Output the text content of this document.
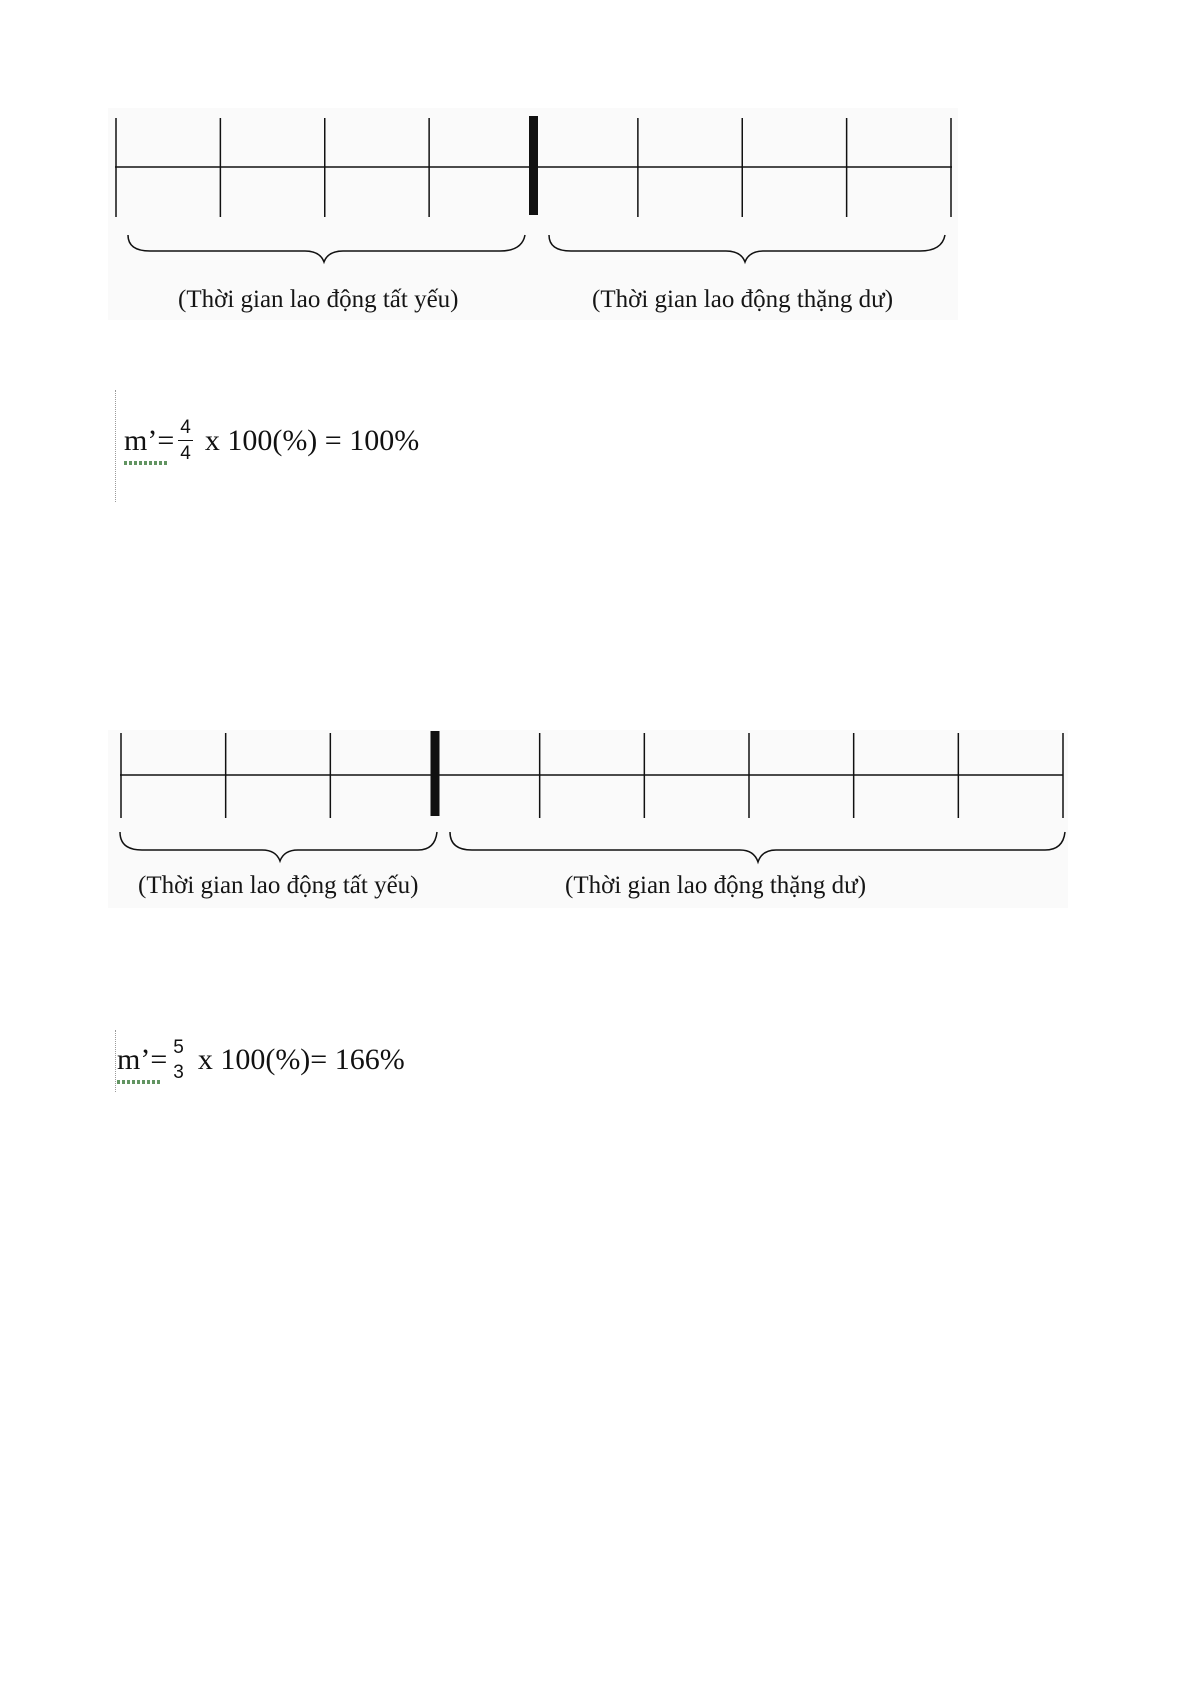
(Thời gian lao động tất yếu)	(Thời gian lao động thặng dư)
m’= $\frac{4}{4}$ x 100(%) = 100%
(Thời gian lao động tất yếu)	(Thời gian lao động thặng dư)
m’= 5
3 x 100(%)= 166%
